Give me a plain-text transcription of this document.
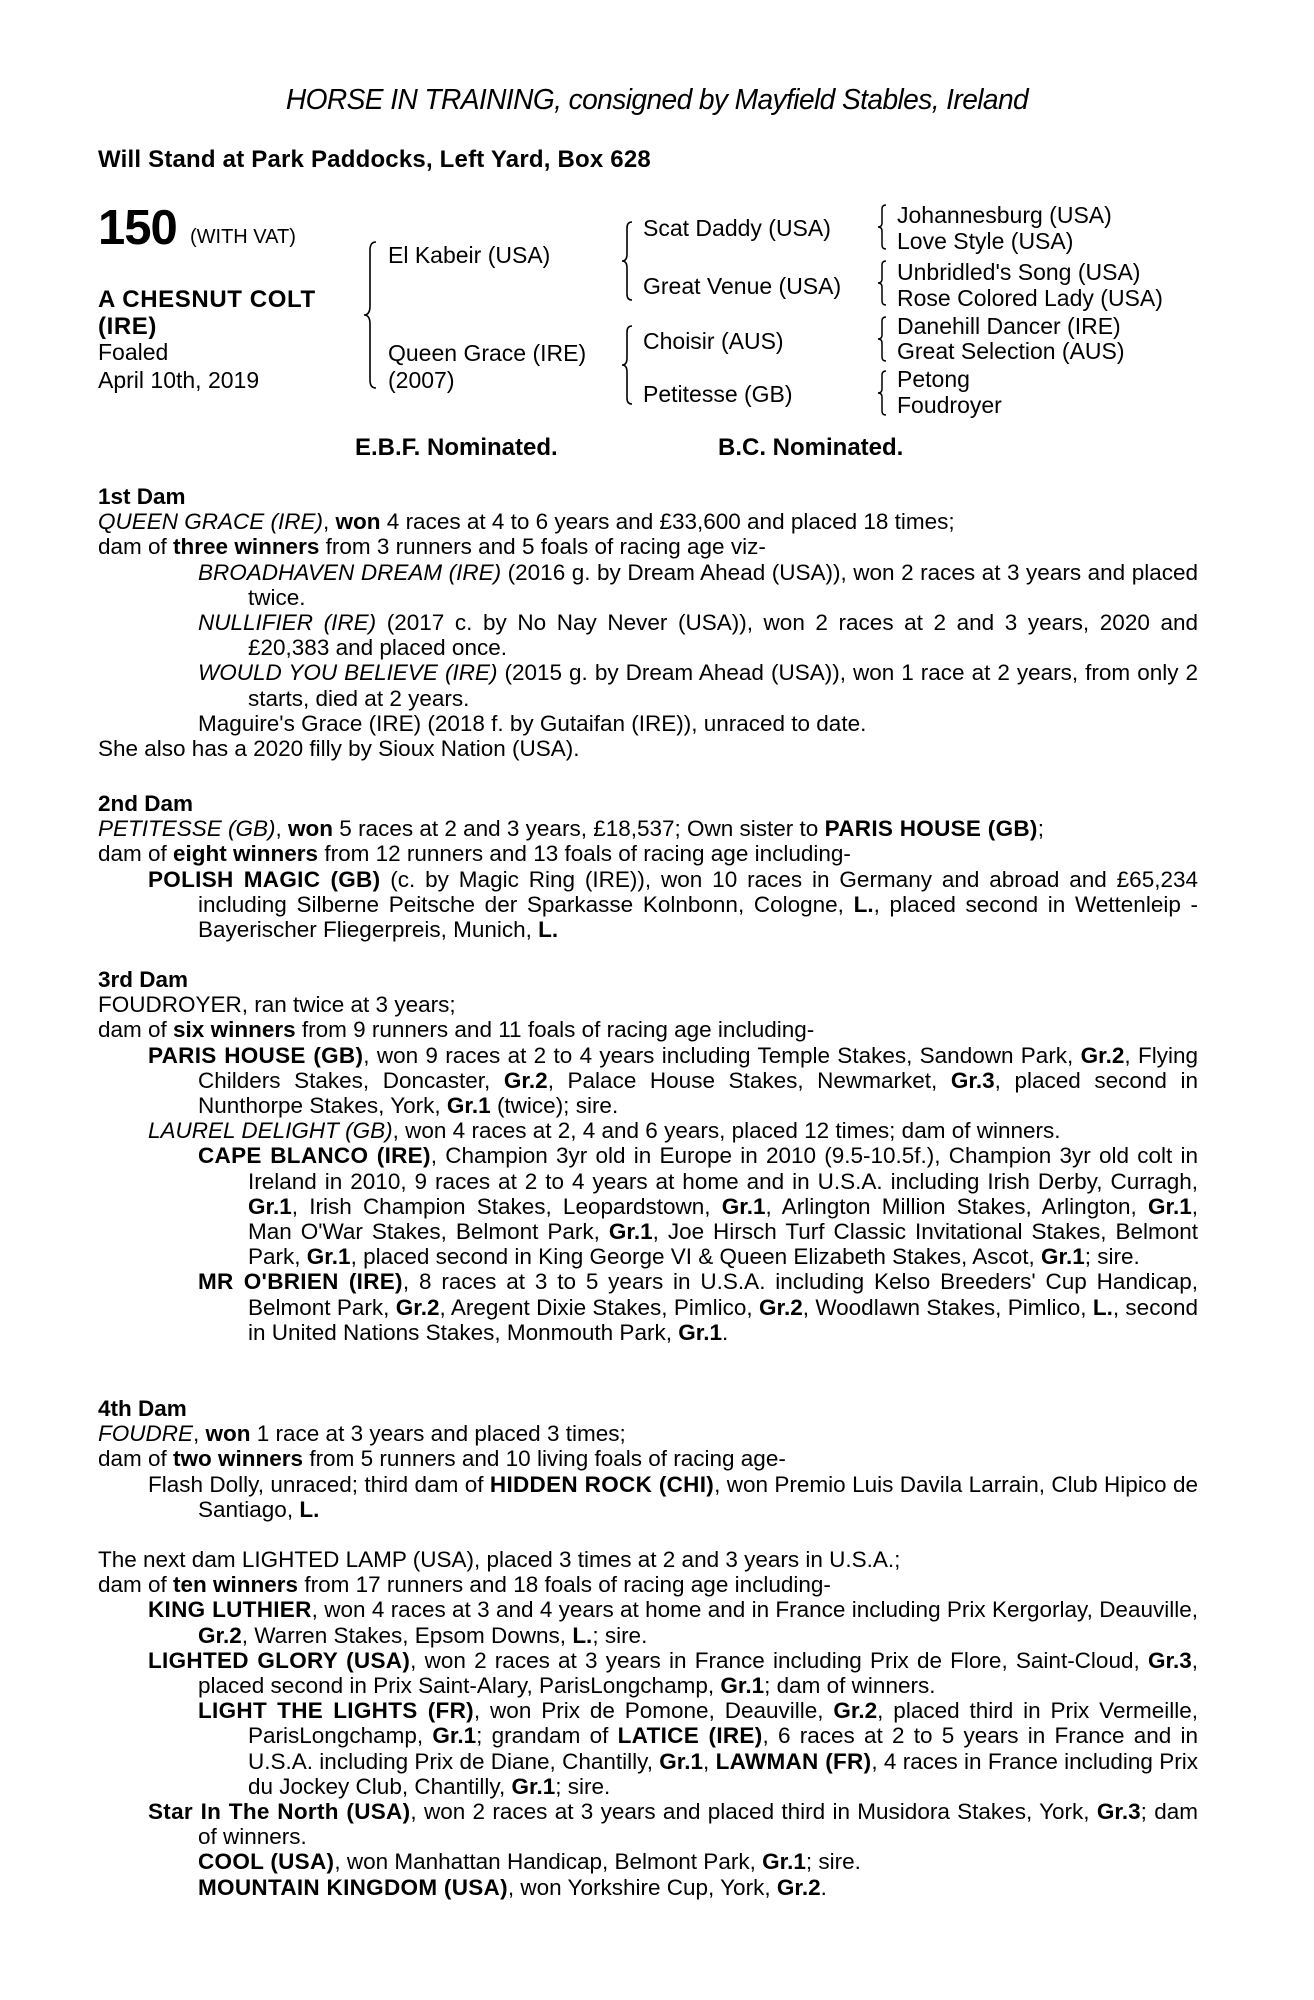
HORSE IN TRAINING, consigned by Mayfield Stables, Ireland
Will Stand at Park Paddocks, Left Yard, Box 628
150 (WITH VAT)
A CHESNUT COLT
(IRE)
Foaled
April 10th, 2019
El Kabeir (USA)
Queen Grace (IRE)
(2007)
Scat Daddy (USA)
Great Venue (USA)
Choisir (AUS)
Petitesse (GB)
Johannesburg (USA)
Love Style (USA)
Unbridled's Song (USA)
Rose Colored Lady (USA)
Danehill Dancer (IRE)
Great Selection (AUS)
Petong
Foudroyer
E.B.F. Nominated.	B.C. Nominated.

1st Dam

QUEEN GRACE (IRE), won 4 races at 4 to 6 years and £33,600 and placed 18 times;

dam of three winners from 3 runners and 5 foals of racing age viz-

BROADHAVEN DREAM (IRE) (2016 g. by Dream Ahead (USA)), won 2 races at 3 years and placed twice.

NULLIFIER (IRE) (2017 c. by No Nay Never (USA)), won 2 races at 2 and 3 years, 2020 and £20,383 and placed once.

WOULD YOU BELIEVE (IRE) (2015 g. by Dream Ahead (USA)), won 1 race at 2 years, from only 2 starts, died at 2 years.

Maguire's Grace (IRE) (2018 f. by Gutaifan (IRE)), unraced to date.

She also has a 2020 filly by Sioux Nation (USA).

2nd Dam

PETITESSE (GB), won 5 races at 2 and 3 years, £18,537; Own sister to PARIS HOUSE (GB);

dam of eight winners from 12 runners and 13 foals of racing age including-

POLISH MAGIC (GB) (c. by Magic Ring (IRE)), won 10 races in Germany and abroad and £65,234 including Silberne Peitsche der Sparkasse Kolnbonn, Cologne, L., placed second in Wettenleip - Bayerischer Fliegerpreis, Munich, L.

3rd Dam

FOUDROYER, ran twice at 3 years;

dam of six winners from 9 runners and 11 foals of racing age including-

PARIS HOUSE (GB), won 9 races at 2 to 4 years including Temple Stakes, Sandown Park, Gr.2, Flying Childers Stakes, Doncaster, Gr.2, Palace House Stakes, Newmarket, Gr.3, placed second in Nunthorpe Stakes, York, Gr.1 (twice); sire.

LAUREL DELIGHT (GB), won 4 races at 2, 4 and 6 years, placed 12 times; dam of winners.

CAPE BLANCO (IRE), Champion 3yr old in Europe in 2010 (9.5-10.5f.), Champion 3yr old colt in Ireland in 2010, 9 races at 2 to 4 years at home and in U.S.A. including Irish Derby, Curragh, Gr.1, Irish Champion Stakes, Leopardstown, Gr.1, Arlington Million Stakes, Arlington, Gr.1, Man O'War Stakes, Belmont Park, Gr.1, Joe Hirsch Turf Classic Invitational Stakes, Belmont Park, Gr.1, placed second in King George VI & Queen Elizabeth Stakes, Ascot, Gr.1; sire.

MR O'BRIEN (IRE), 8 races at 3 to 5 years in U.S.A. including Kelso Breeders' Cup Handicap, Belmont Park, Gr.2, Aregent Dixie Stakes, Pimlico, Gr.2, Woodlawn Stakes, Pimlico, L., second in United Nations Stakes, Monmouth Park, Gr.1.

4th Dam

FOUDRE, won 1 race at 3 years and placed 3 times;

dam of two winners from 5 runners and 10 living foals of racing age-

Flash Dolly, unraced; third dam of HIDDEN ROCK (CHI), won Premio Luis Davila Larrain, Club Hipico de Santiago, L.

The next dam LIGHTED LAMP (USA), placed 3 times at 2 and 3 years in U.S.A.;

dam of ten winners from 17 runners and 18 foals of racing age including-

KING LUTHIER, won 4 races at 3 and 4 years at home and in France including Prix Kergorlay, Deauville, Gr.2, Warren Stakes, Epsom Downs, L.; sire.

LIGHTED GLORY (USA), won 2 races at 3 years in France including Prix de Flore, Saint-Cloud, Gr.3, placed second in Prix Saint-Alary, ParisLongchamp, Gr.1; dam of winners.

LIGHT THE LIGHTS (FR), won Prix de Pomone, Deauville, Gr.2, placed third in Prix Vermeille, ParisLongchamp, Gr.1; grandam of LATICE (IRE), 6 races at 2 to 5 years in France and in U.S.A. including Prix de Diane, Chantilly, Gr.1, LAWMAN (FR), 4 races in France including Prix du Jockey Club, Chantilly, Gr.1; sire.

Star In The North (USA), won 2 races at 3 years and placed third in Musidora Stakes, York, Gr.3; dam of winners.

COOL (USA), won Manhattan Handicap, Belmont Park, Gr.1; sire.

MOUNTAIN KINGDOM (USA), won Yorkshire Cup, York, Gr.2.
